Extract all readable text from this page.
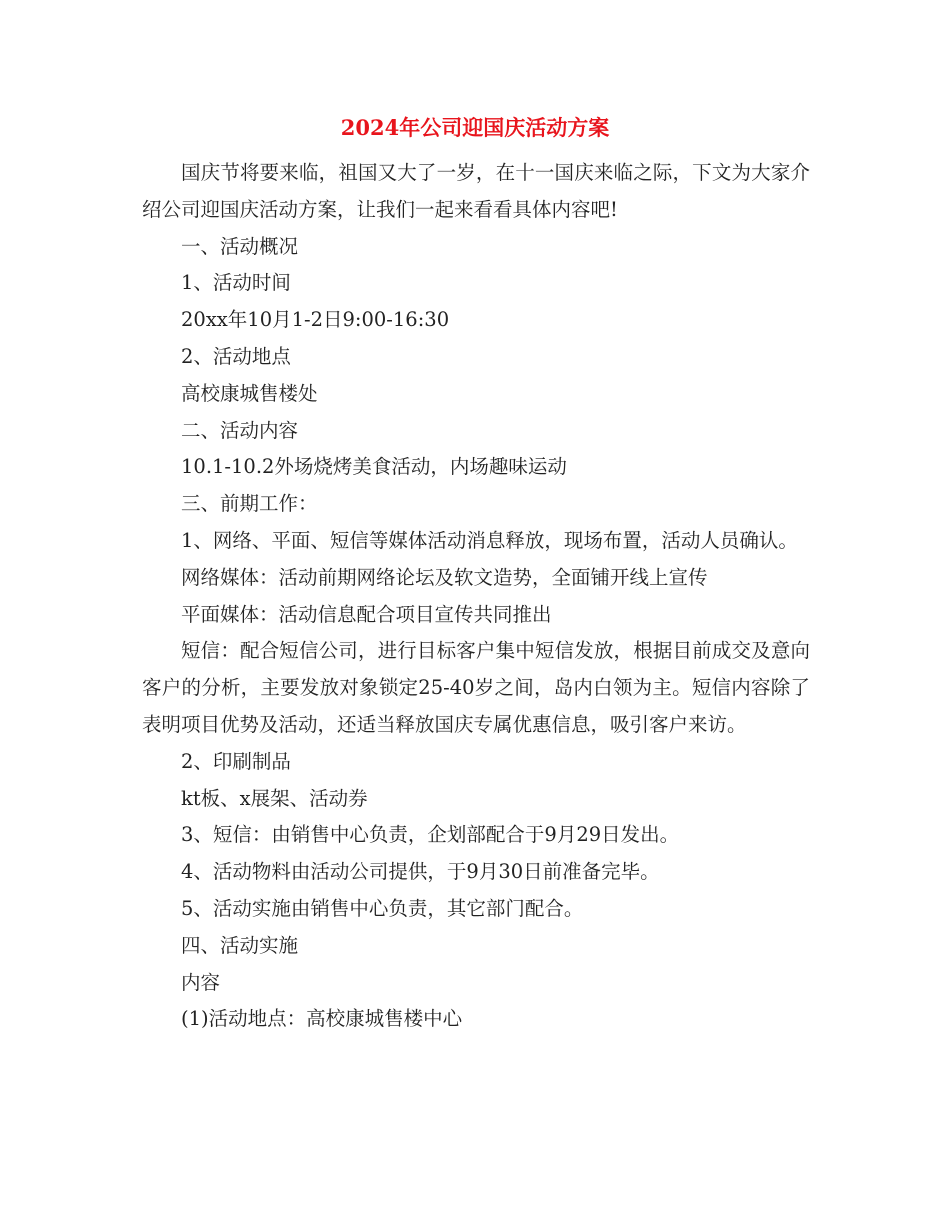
2024年公司迎国庆活动方案

国庆节将要来临，祖国又大了一岁，在十一国庆来临之际，下文为大家介绍公司迎国庆活动方案，让我们一起来看看具体内容吧!

一、活动概况

1、活动时间

20xx年10月1-2日9:00-16:30

2、活动地点

高校康城售楼处

二、活动内容

10.1-10.2外场烧烤美食活动，内场趣味运动

三、前期工作：

1、网络、平面、短信等媒体活动消息释放，现场布置，活动人员确认。

网络媒体：活动前期网络论坛及软文造势，全面铺开线上宣传

平面媒体：活动信息配合项目宣传共同推出

短信：配合短信公司，进行目标客户集中短信发放，根据目前成交及意向客户的分析，主要发放对象锁定25-40岁之间，岛内白领为主。短信内容除了表明项目优势及活动，还适当释放国庆专属优惠信息，吸引客户来访。

2、印刷制品

kt板、x展架、活动券

3、短信：由销售中心负责，企划部配合于9月29日发出。

4、活动物料由活动公司提供，于9月30日前准备完毕。

5、活动实施由销售中心负责，其它部门配合。

四、活动实施

内容

(1)活动地点：高校康城售楼中心
